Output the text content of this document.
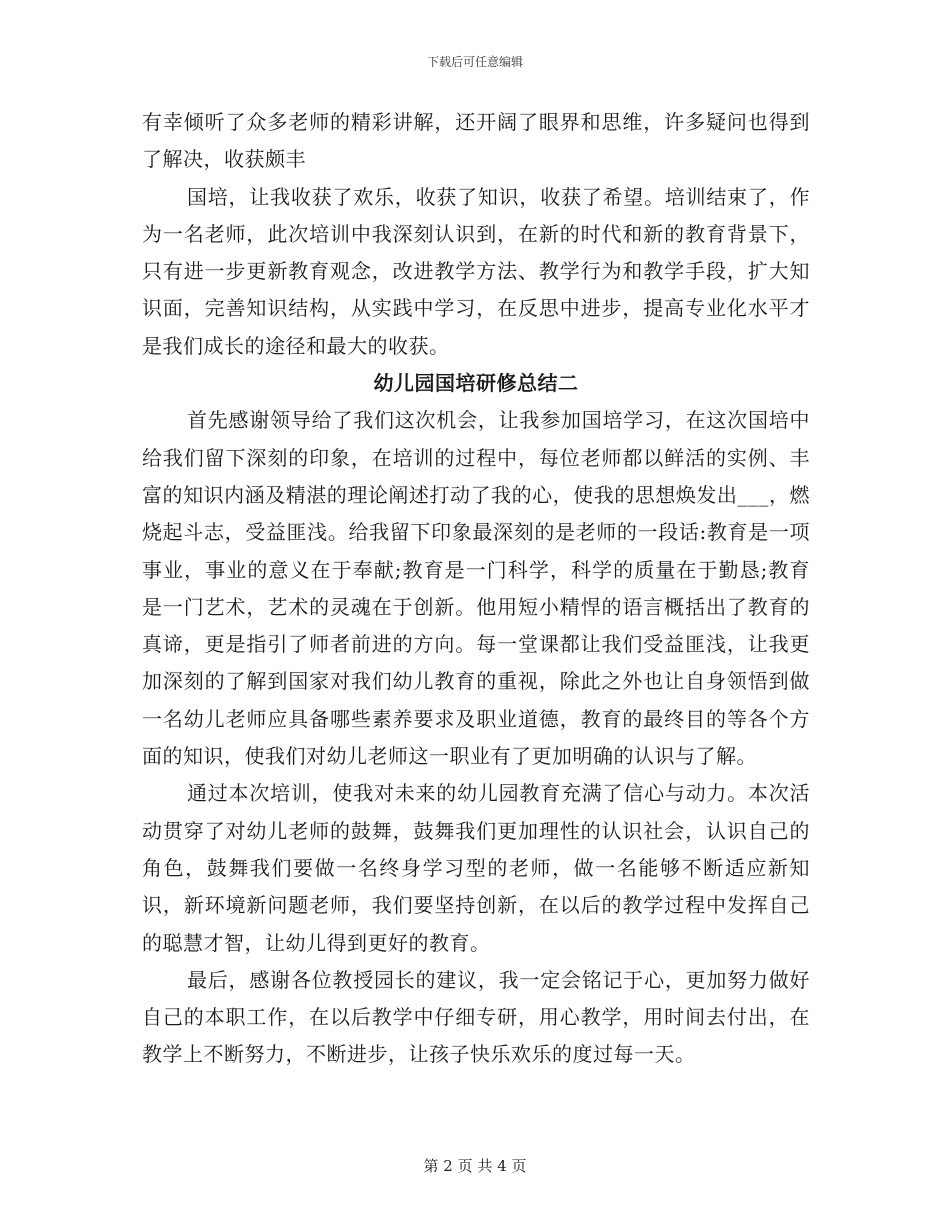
下载后可任意编辑

有幸倾听了众多老师的精彩讲解，还开阔了眼界和思维，许多疑问也得到了解决，收获颇丰

国培，让我收获了欢乐，收获了知识，收获了希望。培训结束了，作为一名老师，此次培训中我深刻认识到，在新的时代和新的教育背景下，只有进一步更新教育观念，改进教学方法、教学行为和教学手段，扩大知识面，完善知识结构，从实践中学习，在反思中进步，提高专业化水平才是我们成长的途径和最大的收获。

幼儿园国培研修总结二

首先感谢领导给了我们这次机会，让我参加国培学习，在这次国培中给我们留下深刻的印象，在培训的过程中，每位老师都以鲜活的实例、丰富的知识内涵及精湛的理论阐述打动了我的心，使我的思想焕发出___，燃烧起斗志，受益匪浅。给我留下印象最深刻的是老师的一段话:教育是一项事业，事业的意义在于奉献;教育是一门科学，科学的质量在于勤恳;教育是一门艺术，艺术的灵魂在于创新。他用短小精悍的语言概括出了教育的真谛，更是指引了师者前进的方向。每一堂课都让我们受益匪浅，让我更加深刻的了解到国家对我们幼儿教育的重视，除此之外也让自身领悟到做一名幼儿老师应具备哪些素养要求及职业道德，教育的最终目的等各个方面的知识，使我们对幼儿老师这一职业有了更加明确的认识与了解。

通过本次培训，使我对未来的幼儿园教育充满了信心与动力。本次活动贯穿了对幼儿老师的鼓舞，鼓舞我们更加理性的认识社会，认识自己的角色，鼓舞我们要做一名终身学习型的老师，做一名能够不断适应新知识，新环境新问题老师，我们要坚持创新，在以后的教学过程中发挥自己的聪慧才智，让幼儿得到更好的教育。

最后，感谢各位教授园长的建议，我一定会铭记于心，更加努力做好自己的本职工作，在以后教学中仔细专研，用心教学，用时间去付出，在教学上不断努力，不断进步，让孩子快乐欢乐的度过每一天。

第 2 页 共 4 页
